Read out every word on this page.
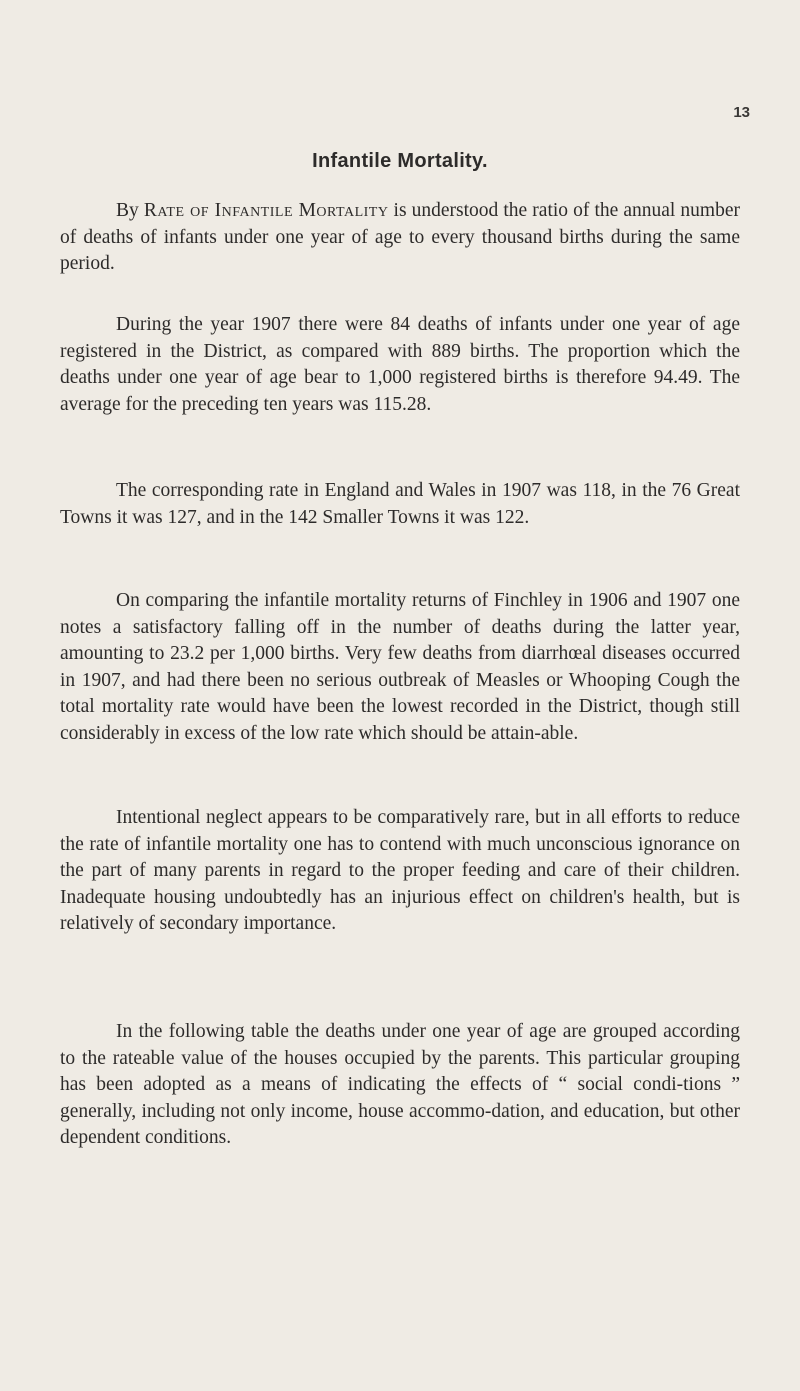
13
Infantile Mortality.

By Rate of Infantile Mortality is understood the ratio of the annual number of deaths of infants under one year of age to every thousand births during the same period.

During the year 1907 there were 84 deaths of infants under one year of age registered in the District, as compared with 889 births. The proportion which the deaths under one year of age bear to 1,000 registered births is therefore 94.49. The average for the preceding ten years was 115.28.

The corresponding rate in England and Wales in 1907 was 118, in the 76 Great Towns it was 127, and in the 142 Smaller Towns it was 122.

On comparing the infantile mortality returns of Finchley in 1906 and 1907 one notes a satisfactory falling off in the number of deaths during the latter year, amounting to 23.2 per 1,000 births. Very few deaths from diarrhœal diseases occurred in 1907, and had there been no serious outbreak of Measles or Whooping Cough the total mortality rate would have been the lowest recorded in the District, though still considerably in excess of the low rate which should be attain-able.

Intentional neglect appears to be comparatively rare, but in all efforts to reduce the rate of infantile mortality one has to contend with much unconscious ignorance on the part of many parents in regard to the proper feeding and care of their children. Inadequate housing undoubtedly has an injurious effect on children's health, but is relatively of secondary importance.

In the following table the deaths under one year of age are grouped according to the rateable value of the houses occupied by the parents. This particular grouping has been adopted as a means of indicating the effects of “ social condi-tions ” generally, including not only income, house accommo-dation, and education, but other dependent conditions.
